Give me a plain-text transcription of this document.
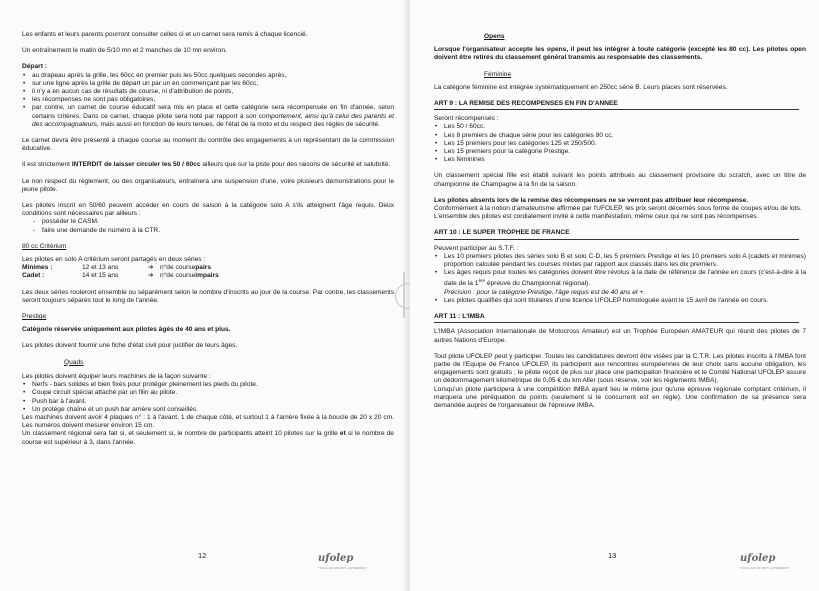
Les enfants et leurs parents pourront consulter celles ci et un carnet sera remis à chaque licencié.

Un entraînement le matin de 5/10 mn et 2 manches de 10 mn environ.

Départ :

• au drapeau après la grille, les 60cc en premier puis les 50cc quelques secondes après,
• sur une ligne après la grille de départ un par un en commençant par les 60cc,
• il n'y a en aucun cas de résultats de course, ni d'attribution de points,
• les récompenses ne sont pas obligatoires,
• par contre, un carnet de course éducatif sera mis en place et cette catégorie sera récompensée en fin d'année, selon certains critères. Dans ce carnet, chaque pilote sera noté par rapport à son comportement, ainsi qu'à celui des parents et des accompagnateurs, mais aussi en fonction de leurs tenues, de l'état de la moto et du respect des règles de sécurité.

Le carnet devra être présenté à chaque course au moment du contrôle des engagements à un représentant de la commission éducative.

Il est strictement INTERDIT de laisser circuler les 50 / 60cc ailleurs que sur la piste pour des raisons de sécurité et salubrité.

Le non respect du règlement, ou des organisateurs, entraînera une suspension d'une, voire plusieurs démonstrations pour le jeune pilote.

Les pilotes inscrit en 50/60 peuvent accéder en cours de saison à la catégorie solo A s'ils atteignent l'âge requis. Deux conditions sont nécessaires par ailleurs :

- posséder le CASM.
- faire une demande de numéro à la CTR.

80 cc Critérium

Les pilotes en solo A critérium seront partagés en deux séries :

Minimes :	12 et 13 ans	➔ n°de course pairs
Cadet :	14 et 15 ans	➔ n°de course impairs

Les deux séries rouleront ensemble ou séparément selon le nombre d'inscrits au jour de la course. Par contre, les classements seront toujours séparés tout le long de l'année.

Prestige

Catégorie réservée uniquement aux pilotes âgés de 40 ans et plus.

Les pilotes doivent fournir une fiche d'état civil pour justifier de leurs âges.

Quads

Les pilotes doivent équiper leurs machines de la façon suivante :

• Nerfs - bars solides et bien fixés pour protéger pleinement les pieds du pilote.
• Coupe circuit spécial attaché par un filin au pilote.
• Push bar à l'avant.
• Un protège chaîne et un push bar arrière sont conseillés.

Les machines doivent avoir 4 plaques n° : 1 à l'avant, 1 de chaque côté, et surtout 1 à l'arrière fixée à la boucle de 20 x 20 cm. Les numéros doivent mesurer environ 15 cm.

Un classement régional sera fait si, et seulement si, le nombre de participants atteint 10 pilotes sur la grille et si le nombre de course est supérieur à 3, dans l'année.

12	ufolep
TOUS LES SPORTS AUTREMENT

Opens

Lorsque l'organisateur accepte les opens, il peut les intégrer à toute catégorie (excepté les 80 cc). Les pilotes open doivent être retirés du classement général transmis au responsable des classements.

Féminine

La catégorie féminine est intégrée systématiquement en 250cc série B. Leurs places sont réservées.

ART 9 : LA REMISE DES RECOMPENSES EN FIN D'ANNEE

Seront récompensés :

• Les 50 / 60cc.
• Les 8 premiers de chaque série pour les catégories 80 cc.
• Les 15 premiers pour les catégories 125 et 250/500.
• Les 15 premiers pour la catégorie Prestige.
• Les féminines

Un classement spécial fille est établi suivant les points attribués au classement provisoire du scratch, avec un titre de championne de Champagne à la fin de la saison.

Les pilotes absents lors de la remise des récompenses ne se verront pas attribuer leur récompense.

Conformément à la notion d'amateurisme affirmée par l'UFOLEP, les prix seront décernés sous forme de coupes et/ou de lots.

L'ensemble des pilotes est cordialement invité à cette manifestation, même ceux qui ne sont pas récompensés.

ART 10 : LE SUPER TROPHEE DE FRANCE

Peuvent participer au S.T.F. :

• Les 10 premiers pilotes des séries solo B et solo C-D, les 5 premiers Prestige et les 10 premiers solo A (cadets et minimes) proportion calculée pendant les courses mixtes par rapport aux classés dans les dix premiers.
• Les âges requis pour toutes les catégories doivent être révolus à la date de référence de l'année en cours (c'est-à-dire à la date de la 1ère épreuve du Championnat régional).
Précision : pour la catégorie Prestige, l'âge requis est de 40 ans et +.
• Les pilotes qualifiés qui sont titulaires d'une licence UFOLEP homologuée avant le 15 avril de l'année en cours.

ART 11 : L'IMBA

L'IMBA (Association Internationale de Motocross Amateur) est un Trophée Européen AMATEUR qui réunit des pilotes de 7 autres Nations d'Europe.

Tout pilote UFOLEP peut y participer. Toutes les candidatures devront être visées par la C.T.R. Les pilotes inscrits à l'IMBA font partie de l'Equipe de France UFOLEP, ils participent aux rencontres européennes de leur choix sans aucune obligation, les engagements sont gratuits ; le pilote reçoit de plus sur place une participation financière et le Comité National UFOLEP assure un dédommagement kilométrique de 0,05 € du km Aller (sous réserve, voir les règlements IMBA).

Lorsqu'un pilote participera à une compétition IMBA ayant lieu le même jour qu'une épreuve régionale comptant critérium, il marquera une péréquation de points (seulement si le concurrent est en règle). Une confirmation de sa présence sera demandée auprès de l'organisateur de l'épreuve IMBA.

13	ufolep
TOUS LES SPORTS AUTREMENT
